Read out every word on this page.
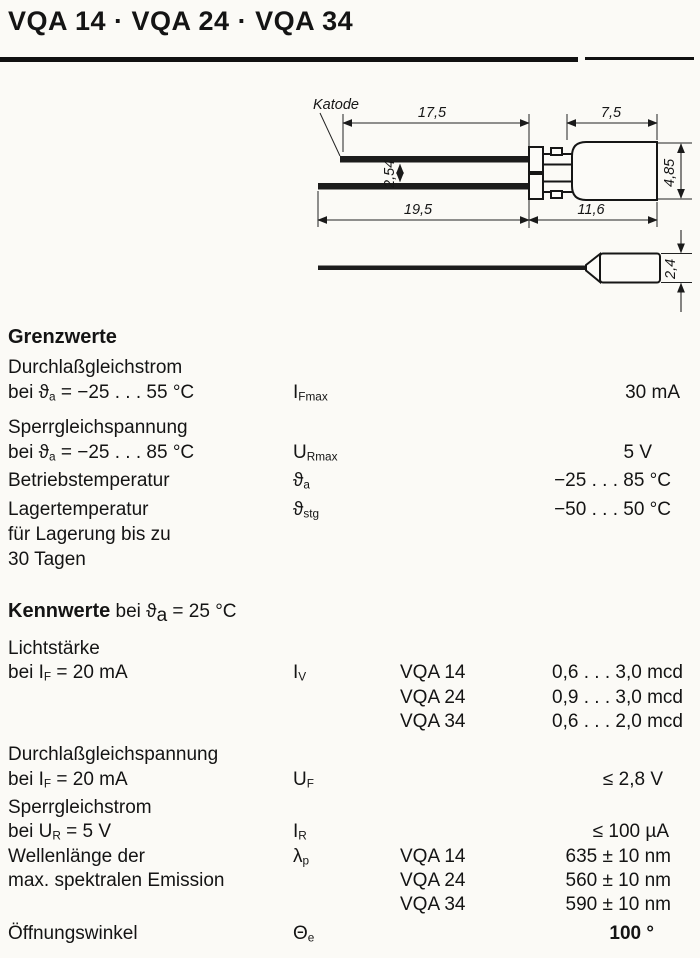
VQA 14 · VQA 24 · VQA 34
Katode	17,5	7,5
2,54
19,5	11,6
4,85
2,4
Grenzwerte
Durchlaßgleichstrom
bei $ϑ_a = -25$ . . . 55 °C	$I_{Fmax}$	30 mA
Sperrgleichspannung
bei $ϑ_a = -25$ . . . 85 °C	$U_{Rmax}$	5 V
Betriebstemperatur	$ϑ_a$	−25 . . . 85 °C
Lagertemperatur	$ϑ_{stg}$	−50 . . . 50 °C
für Lagerung bis zu
30 Tagen
Kennwerte bei $ϑ_a = 25$ °C
Lichtstärke
bei $I_F = 20$ mA	$I_V$	VQA 14	0,6 . . . 3,0 mcd
VQA 24	0,9 . . . 3,0 mcd
VQA 34	0,6 . . . 2,0 mcd
Durchlaßgleichspannung
bei $I_F = 20$ mA	$U_F$	≤ 2,8 V
Sperrgleichstrom
bei $U_R = 5$ V	$I_R$	≤ 100 µA
Wellenlänge der
max. spektralen Emission
$\lambda_p$	VQA 14	635 ± 10 nm
VQA 24	560 ± 10 nm
VQA 34	590 ± 10 nm
Öffnungswinkel	$\Theta_e$	100 °
